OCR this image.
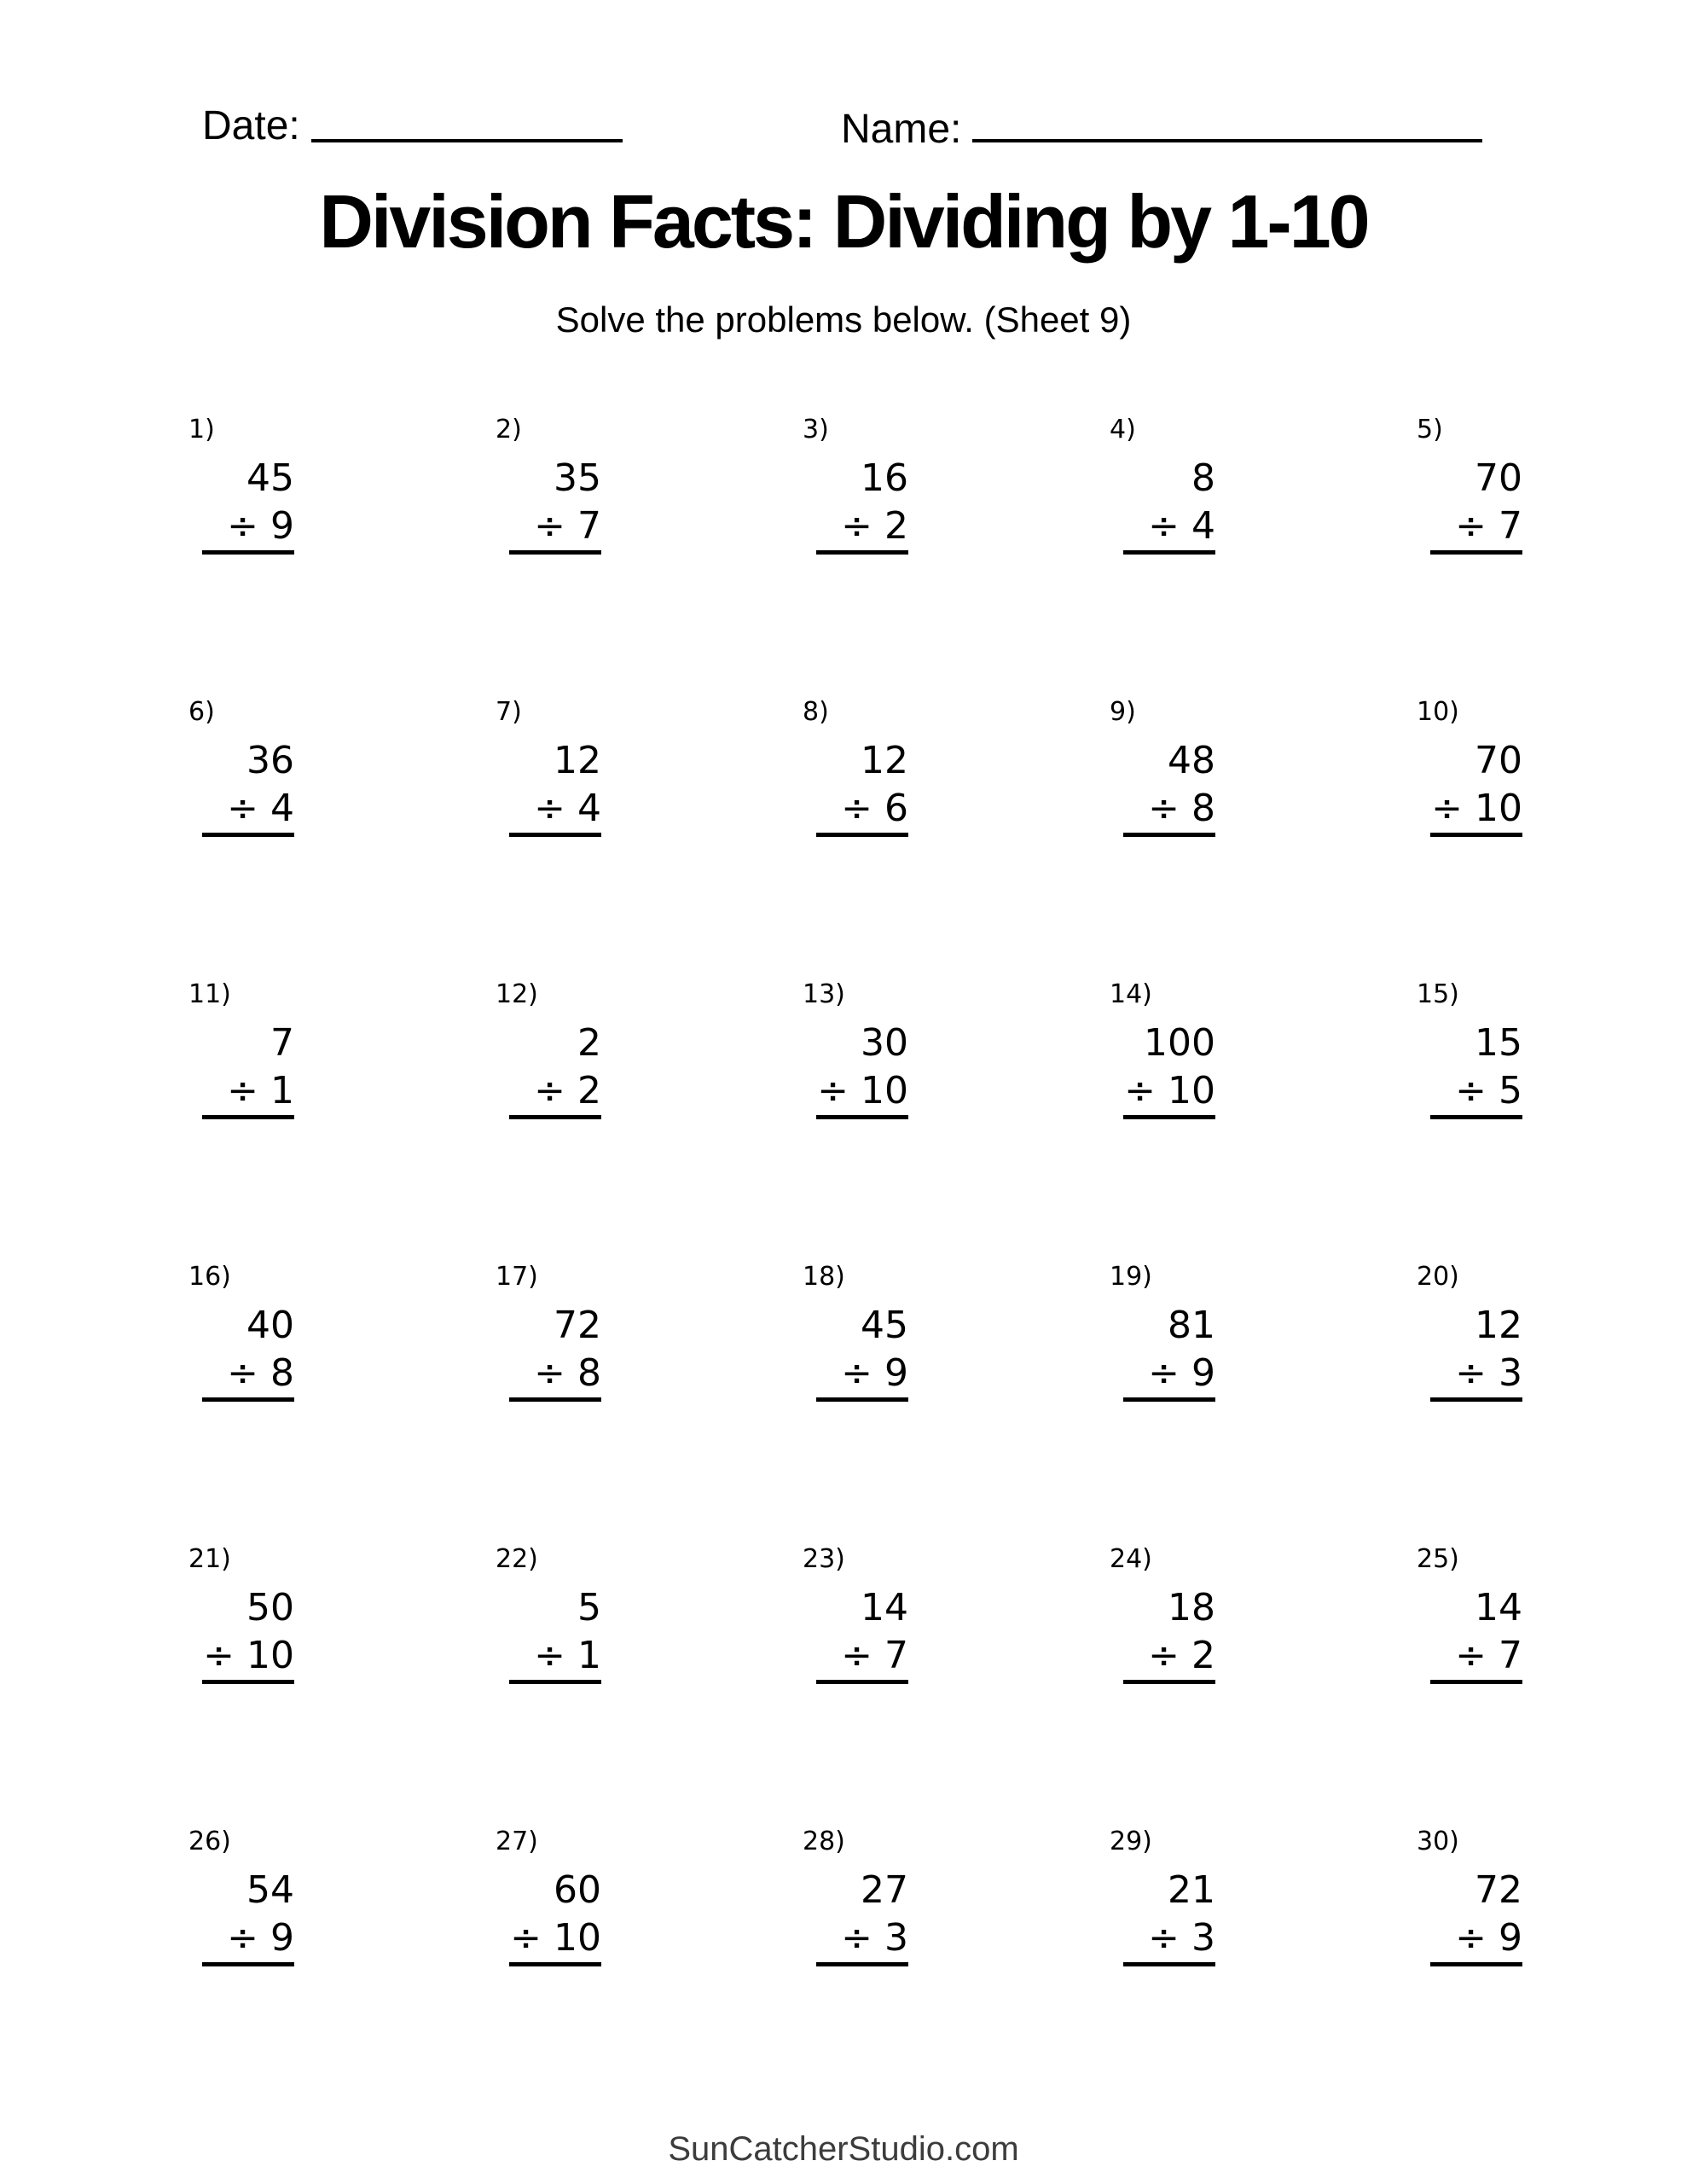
Date:	Name:
Division Facts: Dividing by 1-10
Solve the problems below. (Sheet 9)
1)
45
÷ 9
2)
35
÷ 7
3)
16
÷ 2
4)
8
÷ 4
5)
70
÷ 7
6)
36
÷ 4
7)
12
÷ 4
8)
12
÷ 6
9)
48
÷ 8
10)
70
÷ 10
11)
7
÷ 1
12)
2
÷ 2
13)
30
÷ 10
14)
100
÷ 10
15)
15
÷ 5
16)
40
÷ 8
17)
72
÷ 8
18)
45
÷ 9
19)
81
÷ 9
20)
12
÷ 3
21)
50
÷ 10
22)
5
÷ 1
23)
14
÷ 7
24)
18
÷ 2
25)
14
÷ 7
26)
54
÷ 9
27)
60
÷ 10
28)
27
÷ 3
29)
21
÷ 3
30)
72
÷ 9
SunCatcherStudio.com
